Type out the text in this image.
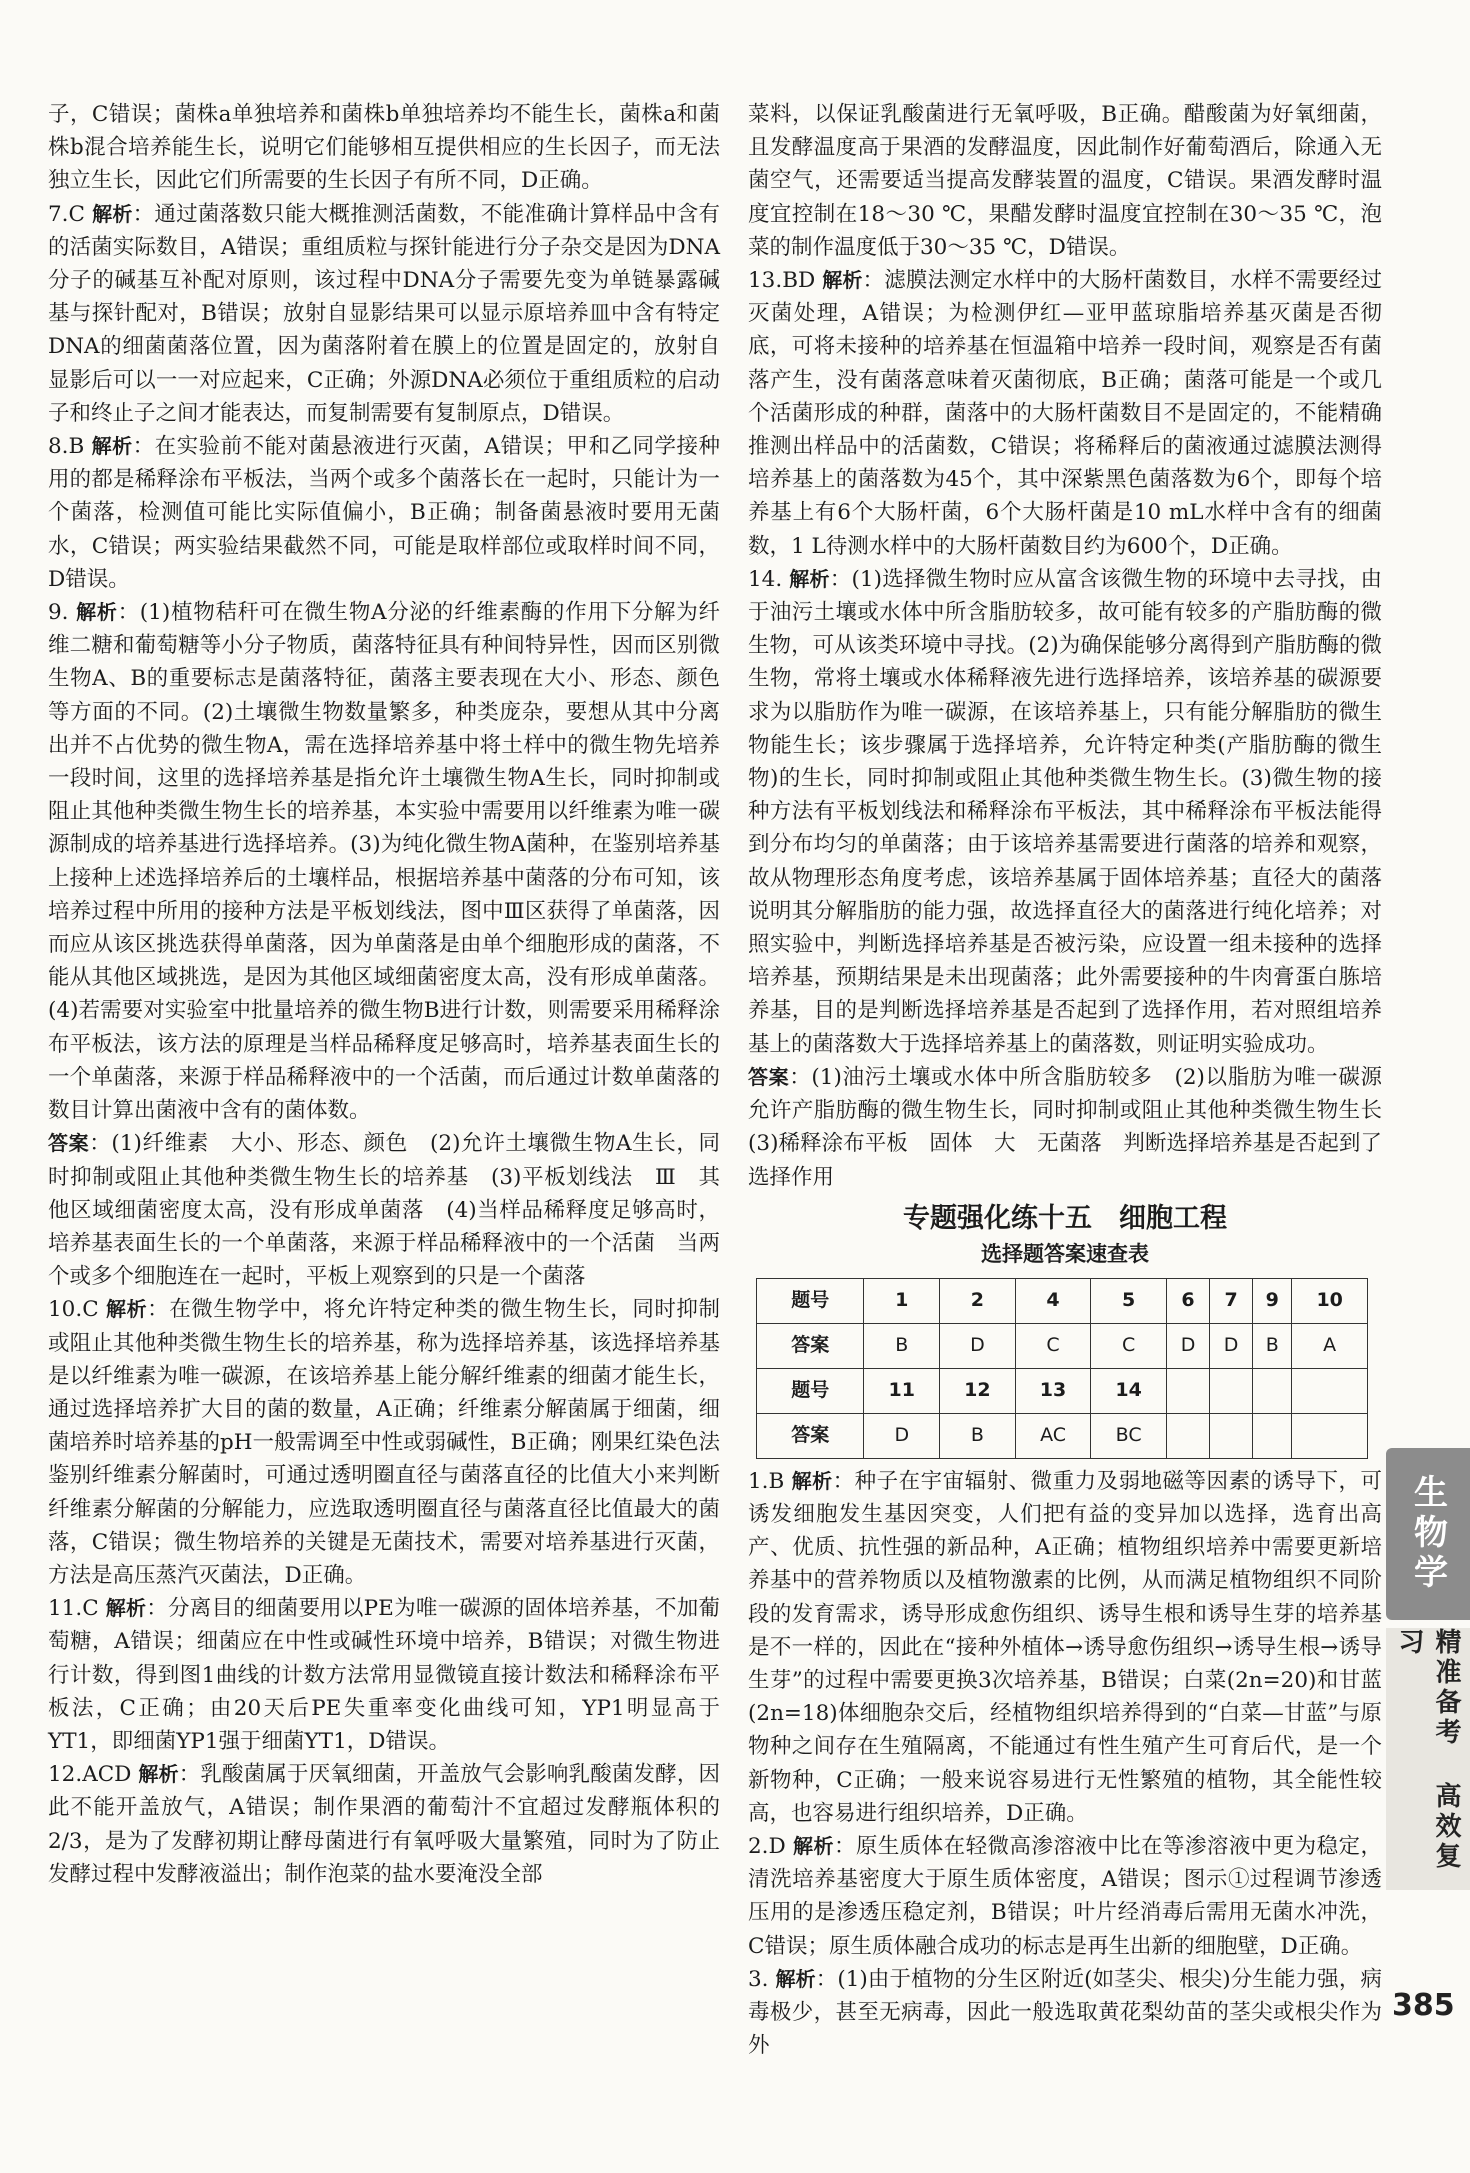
子，C错误；菌株a单独培养和菌株b单独培养均不能生长，菌株a和菌株b混合培养能生长，说明它们能够相互提供相应的生长因子，而无法独立生长，因此它们所需要的生长因子有所不同，D正确。

7.C 解析：通过菌落数只能大概推测活菌数，不能准确计算样品中含有的活菌实际数目，A错误；重组质粒与探针能进行分子杂交是因为DNA分子的碱基互补配对原则，该过程中DNA分子需要先变为单链暴露碱基与探针配对，B错误；放射自显影结果可以显示原培养皿中含有特定DNA的细菌菌落位置，因为菌落附着在膜上的位置是固定的，放射自显影后可以一一对应起来，C正确；外源DNA必须位于重组质粒的启动子和终止子之间才能表达，而复制需要有复制原点，D错误。

8.B 解析：在实验前不能对菌悬液进行灭菌，A错误；甲和乙同学接种用的都是稀释涂布平板法，当两个或多个菌落长在一起时，只能计为一个菌落，检测值可能比实际值偏小，B正确；制备菌悬液时要用无菌水，C错误；两实验结果截然不同，可能是取样部位或取样时间不同，D错误。

9. 解析：(1)植物秸秆可在微生物A分泌的纤维素酶的作用下分解为纤维二糖和葡萄糖等小分子物质，菌落特征具有种间特异性，因而区别微生物A、B的重要标志是菌落特征，菌落主要表现在大小、形态、颜色等方面的不同。(2)土壤微生物数量繁多，种类庞杂，要想从其中分离出并不占优势的微生物A，需在选择培养基中将土样中的微生物先培养一段时间，这里的选择培养基是指允许土壤微生物A生长，同时抑制或阻止其他种类微生物生长的培养基，本实验中需要用以纤维素为唯一碳源制成的培养基进行选择培养。(3)为纯化微生物A菌种，在鉴别培养基上接种上述选择培养后的土壤样品，根据培养基中菌落的分布可知，该培养过程中所用的接种方法是平板划线法，图中Ⅲ区获得了单菌落，因而应从该区挑选获得单菌落，因为单菌落是由单个细胞形成的菌落，不能从其他区域挑选，是因为其他区域细菌密度太高，没有形成单菌落。(4)若需要对实验室中批量培养的微生物B进行计数，则需要采用稀释涂布平板法，该方法的原理是当样品稀释度足够高时，培养基表面生长的一个单菌落，来源于样品稀释液中的一个活菌，而后通过计数单菌落的数目计算出菌液中含有的菌体数。

答案：(1)纤维素　大小、形态、颜色　(2)允许土壤微生物A生长，同时抑制或阻止其他种类微生物生长的培养基　(3)平板划线法　Ⅲ　其他区域细菌密度太高，没有形成单菌落　(4)当样品稀释度足够高时，培养基表面生长的一个单菌落，来源于样品稀释液中的一个活菌　当两个或多个细胞连在一起时，平板上观察到的只是一个菌落

10.C 解析：在微生物学中，将允许特定种类的微生物生长，同时抑制或阻止其他种类微生物生长的培养基，称为选择培养基，该选择培养基是以纤维素为唯一碳源，在该培养基上能分解纤维素的细菌才能生长，通过选择培养扩大目的菌的数量，A正确；纤维素分解菌属于细菌，细菌培养时培养基的pH一般需调至中性或弱碱性，B正确；刚果红染色法鉴别纤维素分解菌时，可通过透明圈直径与菌落直径的比值大小来判断纤维素分解菌的分解能力，应选取透明圈直径与菌落直径比值最大的菌落，C错误；微生物培养的关键是无菌技术，需要对培养基进行灭菌，方法是高压蒸汽灭菌法，D正确。

11.C 解析：分离目的细菌要用以PE为唯一碳源的固体培养基，不加葡萄糖，A错误；细菌应在中性或碱性环境中培养，B错误；对微生物进行计数，得到图1曲线的计数方法常用显微镜直接计数法和稀释涂布平板法，C正确；由20天后PE失重率变化曲线可知，YP1明显高于YT1，即细菌YP1强于细菌YT1，D错误。

12.ACD 解析：乳酸菌属于厌氧细菌，开盖放气会影响乳酸菌发酵，因此不能开盖放气，A错误；制作果酒的葡萄汁不宜超过发酵瓶体积的2/3，是为了发酵初期让酵母菌进行有氧呼吸大量繁殖，同时为了防止发酵过程中发酵液溢出；制作泡菜的盐水要淹没全部

菜料，以保证乳酸菌进行无氧呼吸，B正确。醋酸菌为好氧细菌，且发酵温度高于果酒的发酵温度，因此制作好葡萄酒后，除通入无菌空气，还需要适当提高发酵装置的温度，C错误。果酒发酵时温度宜控制在18～30 ℃，果醋发酵时温度宜控制在30～35 ℃，泡菜的制作温度低于30～35 ℃，D错误。

13.BD 解析：滤膜法测定水样中的大肠杆菌数目，水样不需要经过灭菌处理，A错误；为检测伊红—亚甲蓝琼脂培养基灭菌是否彻底，可将未接种的培养基在恒温箱中培养一段时间，观察是否有菌落产生，没有菌落意味着灭菌彻底，B正确；菌落可能是一个或几个活菌形成的种群，菌落中的大肠杆菌数目不是固定的，不能精确推测出样品中的活菌数，C错误；将稀释后的菌液通过滤膜法测得培养基上的菌落数为45个，其中深紫黑色菌落数为6个，即每个培养基上有6个大肠杆菌，6个大肠杆菌是10 mL水样中含有的细菌数，1 L待测水样中的大肠杆菌数目约为600个，D正确。

14. 解析：(1)选择微生物时应从富含该微生物的环境中去寻找，由于油污土壤或水体中所含脂肪较多，故可能有较多的产脂肪酶的微生物，可从该类环境中寻找。(2)为确保能够分离得到产脂肪酶的微生物，常将土壤或水体稀释液先进行选择培养，该培养基的碳源要求为以脂肪作为唯一碳源，在该培养基上，只有能分解脂肪的微生物能生长；该步骤属于选择培养，允许特定种类(产脂肪酶的微生物)的生长，同时抑制或阻止其他种类微生物生长。(3)微生物的接种方法有平板划线法和稀释涂布平板法，其中稀释涂布平板法能得到分布均匀的单菌落；由于该培养基需要进行菌落的培养和观察，故从物理形态角度考虑，该培养基属于固体培养基；直径大的菌落说明其分解脂肪的能力强，故选择直径大的菌落进行纯化培养；对照实验中，判断选择培养基是否被污染，应设置一组未接种的选择培养基，预期结果是未出现菌落；此外需要接种的牛肉膏蛋白胨培养基，目的是判断选择培养基是否起到了选择作用，若对照组培养基上的菌落数大于选择培养基上的菌落数，则证明实验成功。

答案：(1)油污土壤或水体中所含脂肪较多　(2)以脂肪为唯一碳源　允许产脂肪酶的微生物生长，同时抑制或阻止其他种类微生物生长　(3)稀释涂布平板　固体　大　无菌落　判断选择培养基是否起到了选择作用

专题强化练十五　细胞工程
选择题答案速查表
题号	1	2	4	5	6	7	9	10
答案	B	D	C	C	D	D	B	A
题号	11	12	13	14				
答案	D	B	AC	BC				

1.B 解析：种子在宇宙辐射、微重力及弱地磁等因素的诱导下，可诱发细胞发生基因突变，人们把有益的变异加以选择，选育出高产、优质、抗性强的新品种，A正确；植物组织培养中需要更新培养基中的营养物质以及植物激素的比例，从而满足植物组织不同阶段的发育需求，诱导形成愈伤组织、诱导生根和诱导生芽的培养基是不一样的，因此在“接种外植体→诱导愈伤组织→诱导生根→诱导生芽”的过程中需要更换3次培养基，B错误；白菜(2n=20)和甘蓝(2n=18)体细胞杂交后，经植物组织培养得到的“白菜—甘蓝”与原物种之间存在生殖隔离，不能通过有性生殖产生可育后代，是一个新物种，C正确；一般来说容易进行无性繁殖的植物，其全能性较高，也容易进行组织培养，D正确。

2.D 解析：原生质体在轻微高渗溶液中比在等渗溶液中更为稳定，清洗培养基密度大于原生质体密度，A错误；图示①过程调节渗透压用的是渗透压稳定剂，B错误；叶片经消毒后需用无菌水冲洗，C错误；原生质体融合成功的标志是再生出新的细胞壁，D正确。

3. 解析：(1)由于植物的分生区附近(如茎尖、根尖)分生能力强，病毒极少，甚至无病毒，因此一般选取黄花梨幼苗的茎尖或根尖作为外

生物学
精准备考 高效复习
385
